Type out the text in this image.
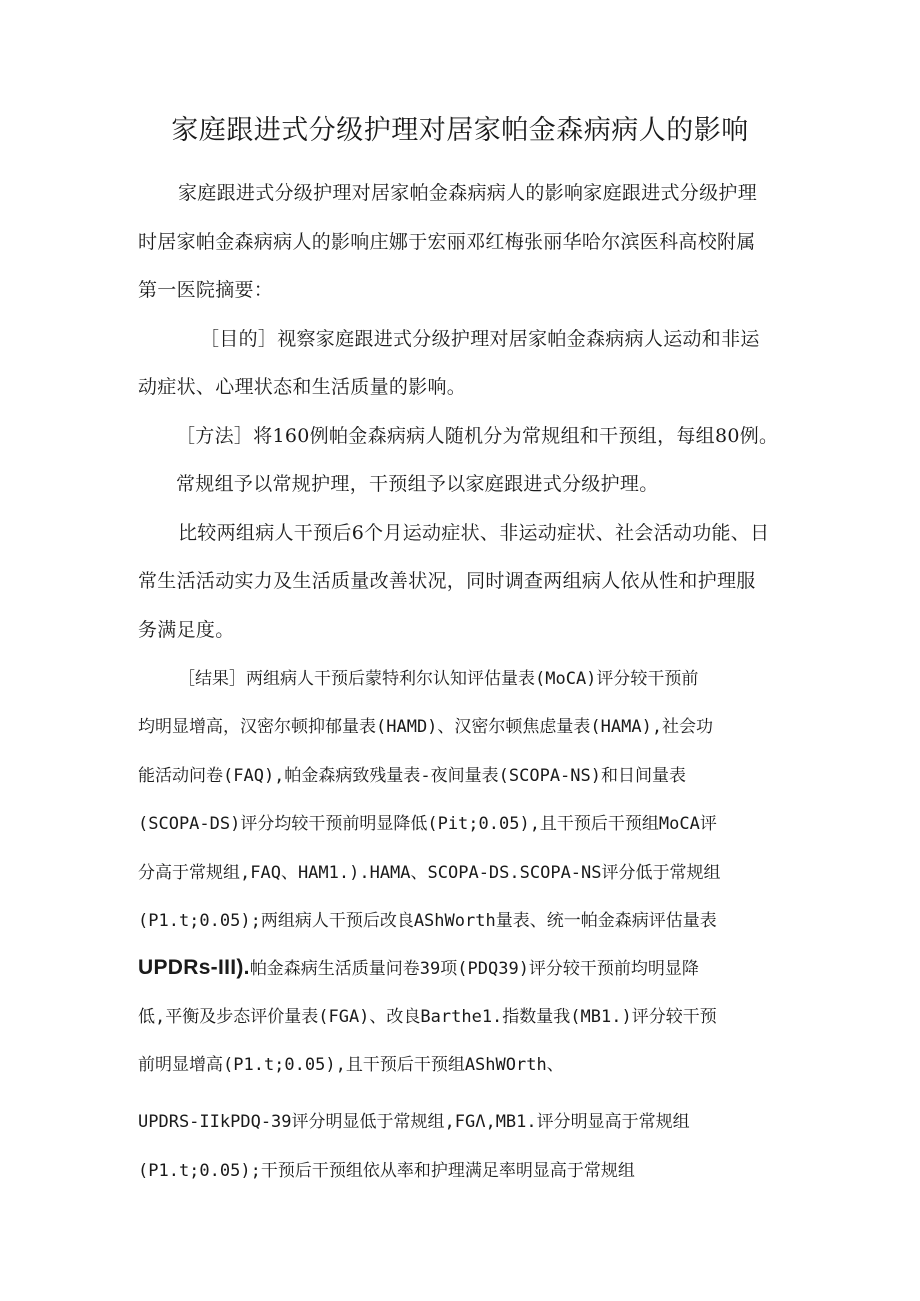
家庭跟进式分级护理对居家帕金森病病人的影响
家庭跟进式分级护理对居家帕金森病病人的影响家庭跟进式分级护理
时居家帕金森病病人的影响庄娜于宏丽邓红梅张丽华哈尔滨医科高校附属
第一医院摘要：
［目的］视察家庭跟进式分级护理对居家帕金森病病人运动和非运
动症状、心理状态和生活质量的影响。
［方法］将160例帕金森病病人随机分为常规组和干预组，每组80例。
常规组予以常规护理，干预组予以家庭跟进式分级护理。
比较两组病人干预后6个月运动症状、非运动症状、社会活动功能、日
常生活活动实力及生活质量改善状况，同时调查两组病人依从性和护理服
务满足度。
［结果］两组病人干预后蒙特利尔认知评估量表(MoCA)评分较干预前
均明显增高，汉密尔顿抑郁量表(HAMD)、汉密尔顿焦虑量表(HAMA),社会功
能活动问卷(FAQ),帕金森病致残量表-夜间量表(SCOPA-NS)和日间量表
(SCOPA-DS)评分均较干预前明显降低(Pit;0.05),且干预后干预组MoCA评
分高于常规组,FAQ、HAM1.).HAMA、SCOPA-DS.SCOPA-NS评分低于常规组
(P1.t;0.05);两组病人干预后改良AShWorth量表、统一帕金森病评估量表
UPDRs-III).帕金森病生活质量问卷39项(PDQ39)评分较干预前均明显降
低,平衡及步态评价量表(FGA)、改良Barthe1.指数量我(MB1.)评分较干预
前明显增高(P1.t;0.05),且干预后干预组AShWOrth、
UPDRS-IIkPDQ-39评分明显低于常规组,FGΛ,MB1.评分明显高于常规组
(P1.t;0.05);干预后干预组依从率和护理满足率明显高于常规组
